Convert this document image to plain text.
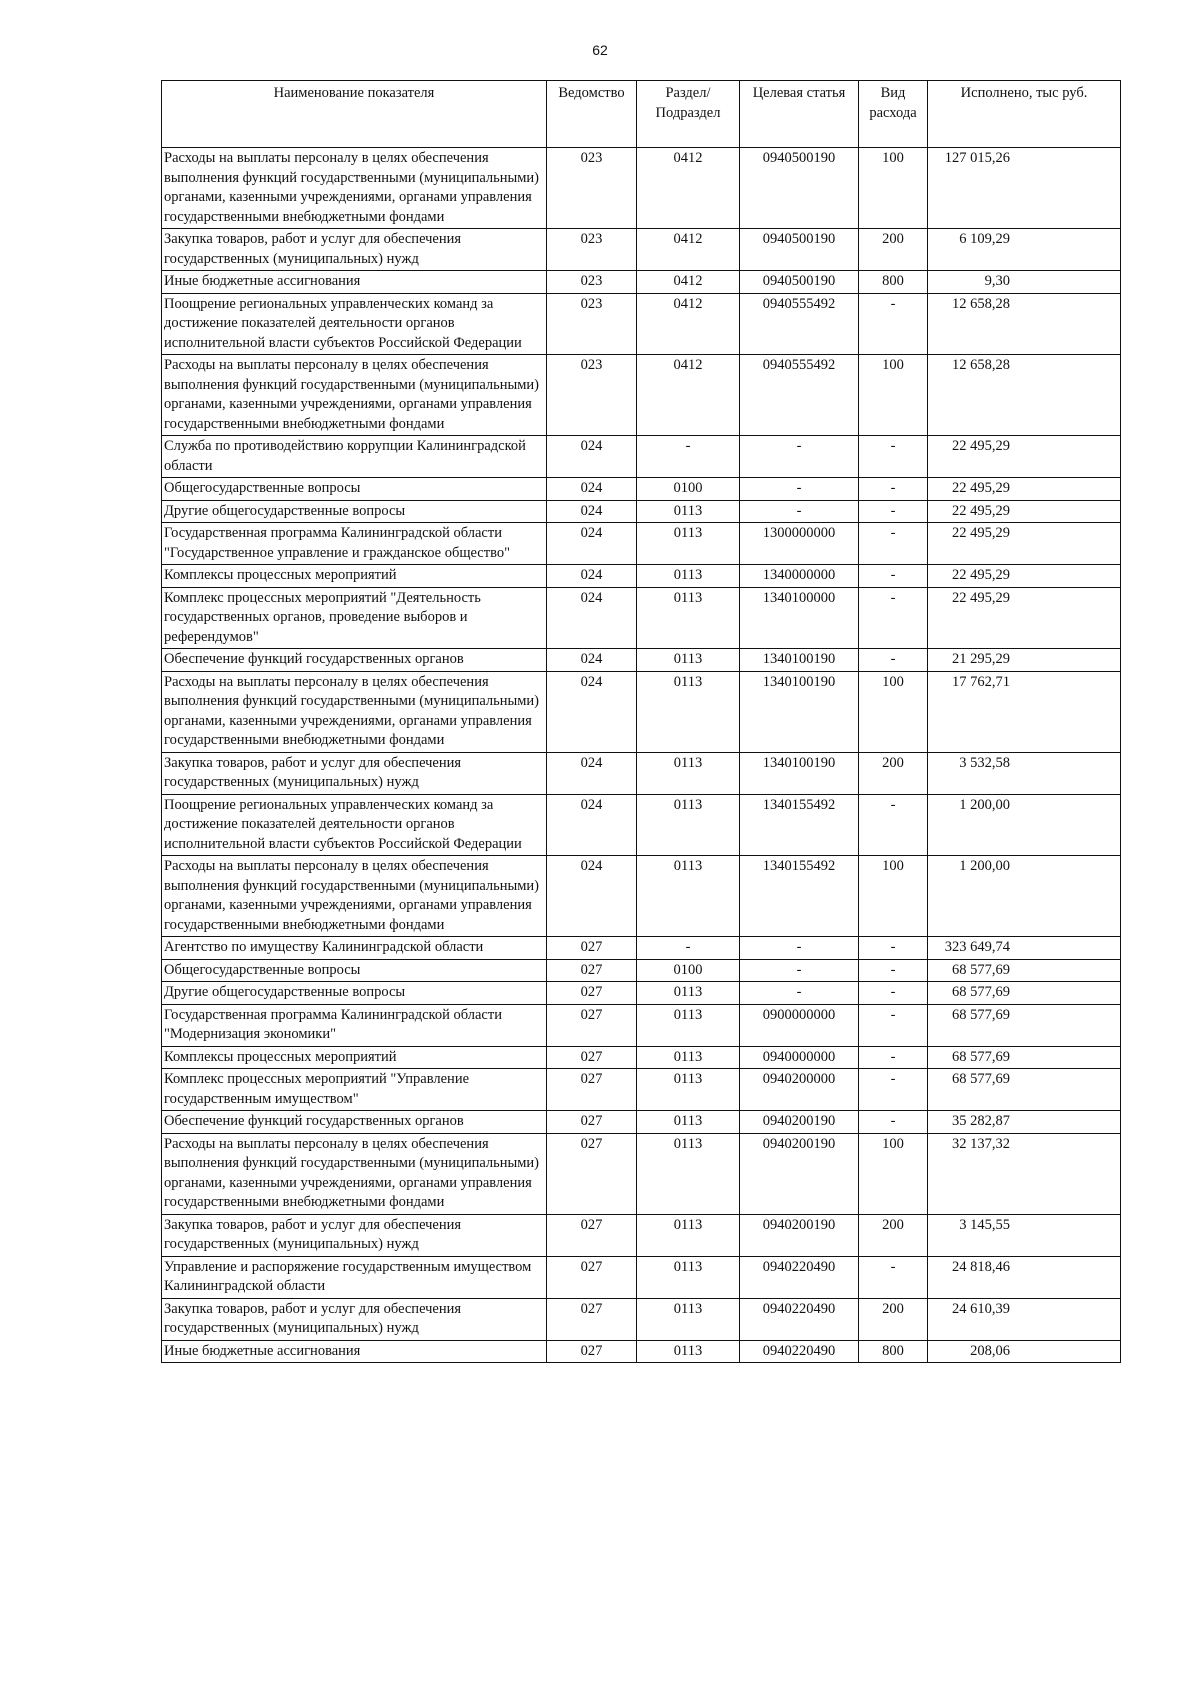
62
Наименование показателя	Ведомство	Раздел/ Подраздел	Целевая статья	Вид расхода	Исполнено, тыс руб.
Расходы на выплаты персоналу в целях обеспечения выполнения функций государственными (муниципальными) органами, казенными учреждениями, органами управления государственными внебюджетными фондами	023	0412	0940500190	100	127 015,26
Закупка товаров, работ и услуг для обеспечения государственных (муниципальных) нужд	023	0412	0940500190	200	6 109,29
Иные бюджетные ассигнования	023	0412	0940500190	800	9,30
Поощрение региональных управленческих команд за достижение показателей деятельности органов исполнительной власти субъектов Российской Федерации	023	0412	0940555492	-	12 658,28
Расходы на выплаты персоналу в целях обеспечения выполнения функций государственными (муниципальными) органами, казенными учреждениями, органами управления государственными внебюджетными фондами	023	0412	0940555492	100	12 658,28
Служба по противодействию коррупции Калининградской области	024	-	-	-	22 495,29
Общегосударственные вопросы	024	0100	-	-	22 495,29
Другие общегосударственные вопросы	024	0113	-	-	22 495,29
Государственная программа Калининградской области "Государственное управление и гражданское общество"	024	0113	1300000000	-	22 495,29
Комплексы процессных мероприятий	024	0113	1340000000	-	22 495,29
Комплекс процессных мероприятий "Деятельность государственных органов, проведение выборов и референдумов"	024	0113	1340100000	-	22 495,29
Обеспечение функций государственных органов	024	0113	1340100190	-	21 295,29
Расходы на выплаты персоналу в целях обеспечения выполнения функций государственными (муниципальными) органами, казенными учреждениями, органами управления государственными внебюджетными фондами	024	0113	1340100190	100	17 762,71
Закупка товаров, работ и услуг для обеспечения государственных (муниципальных) нужд	024	0113	1340100190	200	3 532,58
Поощрение региональных управленческих команд за достижение показателей деятельности органов исполнительной власти субъектов Российской Федерации	024	0113	1340155492	-	1 200,00
Расходы на выплаты персоналу в целях обеспечения выполнения функций государственными (муниципальными) органами, казенными учреждениями, органами управления государственными внебюджетными фондами	024	0113	1340155492	100	1 200,00
Агентство по имуществу Калининградской области	027	-	-	-	323 649,74
Общегосударственные вопросы	027	0100	-	-	68 577,69
Другие общегосударственные вопросы	027	0113	-	-	68 577,69
Государственная программа Калининградской области "Модернизация экономики"	027	0113	0900000000	-	68 577,69
Комплексы процессных мероприятий	027	0113	0940000000	-	68 577,69
Комплекс процессных мероприятий "Управление государственным имуществом"	027	0113	0940200000	-	68 577,69
Обеспечение функций государственных органов	027	0113	0940200190	-	35 282,87
Расходы на выплаты персоналу в целях обеспечения выполнения функций государственными (муниципальными) органами, казенными учреждениями, органами управления государственными внебюджетными фондами	027	0113	0940200190	100	32 137,32
Закупка товаров, работ и услуг для обеспечения государственных (муниципальных) нужд	027	0113	0940200190	200	3 145,55
Управление и распоряжение государственным имуществом Калининградской области	027	0113	0940220490	-	24 818,46
Закупка товаров, работ и услуг для обеспечения государственных (муниципальных) нужд	027	0113	0940220490	200	24 610,39
Иные бюджетные ассигнования	027	0113	0940220490	800	208,06
